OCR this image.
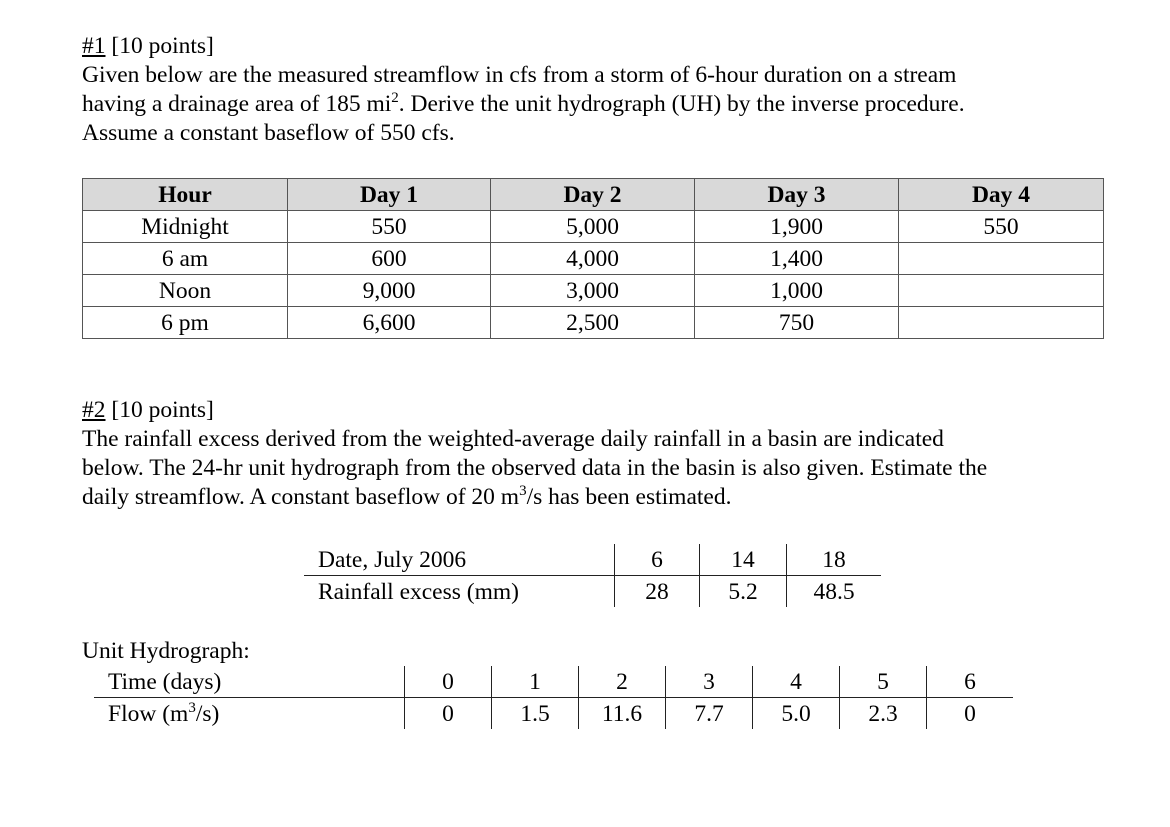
#1 [10 points]

Given below are the measured streamflow in cfs from a storm of 6-hour duration on a stream

having a drainage area of 185 $mi^2$. Derive the unit hydrograph (UH) by the inverse procedure.

Assume a constant baseflow of 550 cfs.

Hour	Day 1	Day 2	Day 3	Day 4
Midnight	550	5,000	1,900	550
6 am	600	4,000	1,400	
Noon	9,000	3,000	1,000	
6 pm	6,600	2,500	750	

#2 [10 points]

The rainfall excess derived from the weighted-average daily rainfall in a basin are indicated

below. The 24-hr unit hydrograph from the observed data in the basin is also given. Estimate the

daily streamflow. A constant baseflow of 20 $m^3/s$ has been estimated.

Date, July 2006	6	14	18
Rainfall excess (mm)	28	5.2	48.5
Unit Hydrograph:
Time (days)	0	1	2	3	4	5	6
Flow $(m^3/s)$	0	1.5	11.6	7.7	5.0	2.3	0
